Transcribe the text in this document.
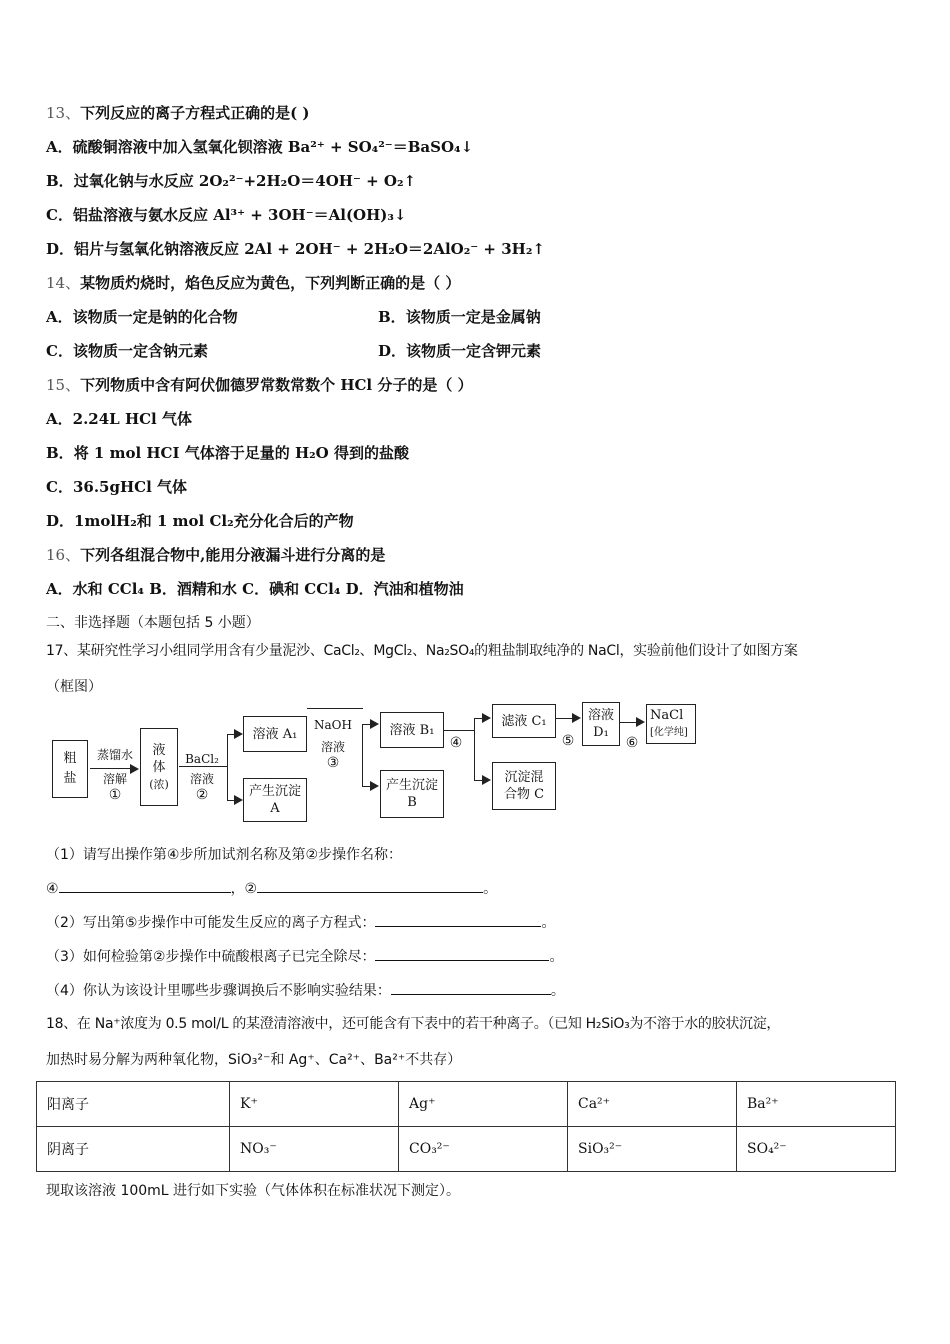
13、下列反应的离子方程式正确的是( )
A．硫酸铜溶液中加入氢氧化钡溶液 Ba²⁺ + SO₄²⁻＝BaSO₄↓
B．过氧化钠与水反应 2O₂²⁻+2H₂O＝4OH⁻ + O₂↑
C．铝盐溶液与氨水反应 Al³⁺ + 3OH⁻＝Al(OH)₃↓
D．铝片与氢氧化钠溶液反应 2Al + 2OH⁻ + 2H₂O＝2AlO₂⁻ + 3H₂↑
14、某物质灼烧时，焰色反应为黄色，下列判断正确的是（ ）
A．该物质一定是钠的化合物	B．该物质一定是金属钠
C．该物质一定含钠元素	D．该物质一定含钾元素
15、下列物质中含有阿伏伽德罗常数常数个 HCl 分子的是（ ）
A．2.24L HCl 气体
B．将 1 mol HCI 气体溶于足量的 H₂O 得到的盐酸
C．36.5gHCl 气体
D．1molH₂和 1 mol Cl₂充分化合后的产物
16、下列各组混合物中,能用分液漏斗进行分离的是
A．水和 CCl₄ B．酒精和水 C．碘和 CCl₄ D．汽油和植物油
二、非选择题（本题包括 5 小题）
17、某研究性学习小组同学用含有少量泥沙、CaCl₂、MgCl₂、Na₂SO₄的粗盐制取纯净的 NaCl，实验前他们设计了如图方案
（框图）
粗盐
蒸馏水
溶解
①
液
体
(浓)
BaCl₂
溶液
②
溶液 A₁
产生沉淀
A
NaOH
溶液
③
溶液 B₁
产生沉淀
B
④
滤液 C₁
沉淀混
合物 C
⑤
溶液
D₁
⑥
NaCl
[化学纯]
（1）请写出操作第④步所加试剂名称及第②步操作名称：
④	，②	。
（2）写出第⑤步操作中可能发生反应的离子方程式：	。
（3）如何检验第②步操作中硫酸根离子已完全除尽：	。
（4）你认为该设计里哪些步骤调换后不影响实验结果：	。
18、在 Na⁺浓度为 0.5 mol/L 的某澄清溶液中，还可能含有下表中的若干种离子。（已知 H₂SiO₃为不溶于水的胶状沉淀，
加热时易分解为两种氧化物，SiO₃²⁻和 Ag⁺、Ca²⁺、Ba²⁺不共存）
阳离子	K⁺	Ag⁺	Ca²⁺	Ba²⁺
阴离子	NO₃⁻	CO₃²⁻	SiO₃²⁻	SO₄²⁻
现取该溶液 100mL 进行如下实验（气体体积在标准状况下测定）。
